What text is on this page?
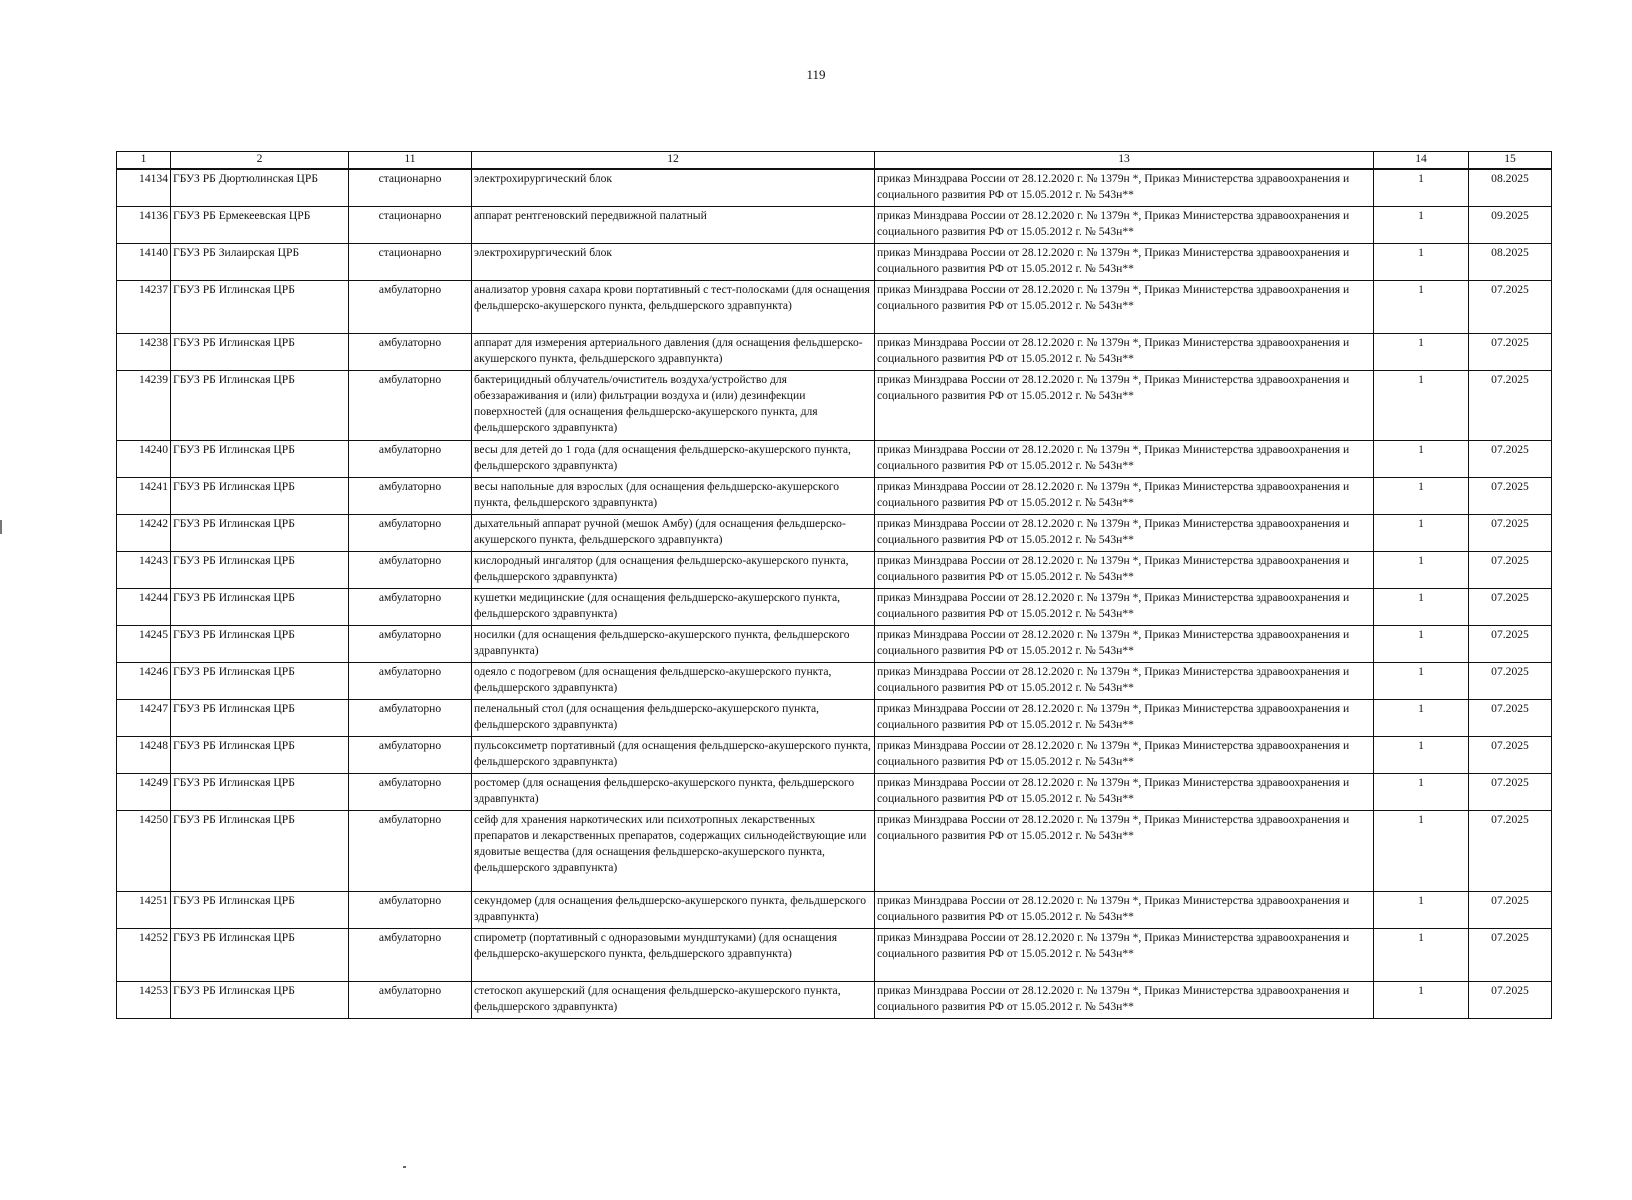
119
1	2	11	12	13	14	15
14134	ГБУЗ РБ Дюртюлинская ЦРБ	стационарно	электрохирургический блок	приказ Минздрава России от 28.12.2020 г. № 1379н *, Приказ Министерства здравоохранения и социального развития РФ от 15.05.2012 г. № 543н**	1	08.2025
14136	ГБУЗ РБ Ермекеевская ЦРБ	стационарно	аппарат рентгеновский передвижной палатный	приказ Минздрава России от 28.12.2020 г. № 1379н *, Приказ Министерства здравоохранения и социального развития РФ от 15.05.2012 г. № 543н**	1	09.2025
14140	ГБУЗ РБ Зилаирская ЦРБ	стационарно	электрохирургический блок	приказ Минздрава России от 28.12.2020 г. № 1379н *, Приказ Министерства здравоохранения и социального развития РФ от 15.05.2012 г. № 543н**	1	08.2025
14237	ГБУЗ РБ Иглинская ЦРБ	амбулаторно	анализатор уровня сахара крови портативный с тест-полосками (для оснащения фельдшерско-акушерского пункта, фельдшерского здравпункта)	приказ Минздрава России от 28.12.2020 г. № 1379н *, Приказ Министерства здравоохранения и социального развития РФ от 15.05.2012 г. № 543н**	1	07.2025
14238	ГБУЗ РБ Иглинская ЦРБ	амбулаторно	аппарат для измерения артериального давления (для оснащения фельдшерско-акушерского пункта, фельдшерского здравпункта)	приказ Минздрава России от 28.12.2020 г. № 1379н *, Приказ Министерства здравоохранения и социального развития РФ от 15.05.2012 г. № 543н**	1	07.2025
14239	ГБУЗ РБ Иглинская ЦРБ	амбулаторно	бактерицидный облучатель/очиститель воздуха/устройство для обеззараживания и (или) фильтрации воздуха и (или) дезинфекции поверхностей (для оснащения фельдшерско-акушерского пункта, для фельдшерского здравпункта)	приказ Минздрава России от 28.12.2020 г. № 1379н *, Приказ Министерства здравоохранения и социального развития РФ от 15.05.2012 г. № 543н**	1	07.2025
14240	ГБУЗ РБ Иглинская ЦРБ	амбулаторно	весы для детей до 1 года (для оснащения фельдшерско-акушерского пункта, фельдшерского здравпункта)	приказ Минздрава России от 28.12.2020 г. № 1379н *, Приказ Министерства здравоохранения и социального развития РФ от 15.05.2012 г. № 543н**	1	07.2025
14241	ГБУЗ РБ Иглинская ЦРБ	амбулаторно	весы напольные для взрослых (для оснащения фельдшерско-акушерского пункта, фельдшерского здравпункта)	приказ Минздрава России от 28.12.2020 г. № 1379н *, Приказ Министерства здравоохранения и социального развития РФ от 15.05.2012 г. № 543н**	1	07.2025
14242	ГБУЗ РБ Иглинская ЦРБ	амбулаторно	дыхательный аппарат ручной (мешок Амбу) (для оснащения фельдшерско-акушерского пункта, фельдшерского здравпункта)	приказ Минздрава России от 28.12.2020 г. № 1379н *, Приказ Министерства здравоохранения и социального развития РФ от 15.05.2012 г. № 543н**	1	07.2025
14243	ГБУЗ РБ Иглинская ЦРБ	амбулаторно	кислородный ингалятор (для оснащения фельдшерско-акушерского пункта, фельдшерского здравпункта)	приказ Минздрава России от 28.12.2020 г. № 1379н *, Приказ Министерства здравоохранения и социального развития РФ от 15.05.2012 г. № 543н**	1	07.2025
14244	ГБУЗ РБ Иглинская ЦРБ	амбулаторно	кушетки медицинские (для оснащения фельдшерско-акушерского пункта, фельдшерского здравпункта)	приказ Минздрава России от 28.12.2020 г. № 1379н *, Приказ Министерства здравоохранения и социального развития РФ от 15.05.2012 г. № 543н**	1	07.2025
14245	ГБУЗ РБ Иглинская ЦРБ	амбулаторно	носилки (для оснащения фельдшерско-акушерского пункта, фельдшерского здравпункта)	приказ Минздрава России от 28.12.2020 г. № 1379н *, Приказ Министерства здравоохранения и социального развития РФ от 15.05.2012 г. № 543н**	1	07.2025
14246	ГБУЗ РБ Иглинская ЦРБ	амбулаторно	одеяло с подогревом (для оснащения фельдшерско-акушерского пункта, фельдшерского здравпункта)	приказ Минздрава России от 28.12.2020 г. № 1379н *, Приказ Министерства здравоохранения и социального развития РФ от 15.05.2012 г. № 543н**	1	07.2025
14247	ГБУЗ РБ Иглинская ЦРБ	амбулаторно	пеленальный стол (для оснащения фельдшерско-акушерского пункта, фельдшерского здравпункта)	приказ Минздрава России от 28.12.2020 г. № 1379н *, Приказ Министерства здравоохранения и социального развития РФ от 15.05.2012 г. № 543н**	1	07.2025
14248	ГБУЗ РБ Иглинская ЦРБ	амбулаторно	пульсоксиметр портативный (для оснащения фельдшерско-акушерского пункта, фельдшерского здравпункта)	приказ Минздрава России от 28.12.2020 г. № 1379н *, Приказ Министерства здравоохранения и социального развития РФ от 15.05.2012 г. № 543н**	1	07.2025
14249	ГБУЗ РБ Иглинская ЦРБ	амбулаторно	ростомер (для оснащения фельдшерско-акушерского пункта, фельдшерского здравпункта)	приказ Минздрава России от 28.12.2020 г. № 1379н *, Приказ Министерства здравоохранения и социального развития РФ от 15.05.2012 г. № 543н**	1	07.2025
14250	ГБУЗ РБ Иглинская ЦРБ	амбулаторно	сейф для хранения наркотических или психотропных лекарственных препаратов и лекарственных препаратов, содержащих сильнодействующие или ядовитые вещества (для оснащения фельдшерско-акушерского пункта, фельдшерского здравпункта)	приказ Минздрава России от 28.12.2020 г. № 1379н *, Приказ Министерства здравоохранения и социального развития РФ от 15.05.2012 г. № 543н**	1	07.2025
14251	ГБУЗ РБ Иглинская ЦРБ	амбулаторно	секундомер (для оснащения фельдшерско-акушерского пункта, фельдшерского здравпункта)	приказ Минздрава России от 28.12.2020 г. № 1379н *, Приказ Министерства здравоохранения и социального развития РФ от 15.05.2012 г. № 543н**	1	07.2025
14252	ГБУЗ РБ Иглинская ЦРБ	амбулаторно	спирометр (портативный с одноразовыми мундштуками) (для оснащения фельдшерско-акушерского пункта, фельдшерского здравпункта)	приказ Минздрава России от 28.12.2020 г. № 1379н *, Приказ Министерства здравоохранения и социального развития РФ от 15.05.2012 г. № 543н**	1	07.2025
14253	ГБУЗ РБ Иглинская ЦРБ	амбулаторно	стетоскоп акушерский (для оснащения фельдшерско-акушерского пункта, фельдшерского здравпункта)	приказ Минздрава России от 28.12.2020 г. № 1379н *, Приказ Министерства здравоохранения и социального развития РФ от 15.05.2012 г. № 543н**	1	07.2025
